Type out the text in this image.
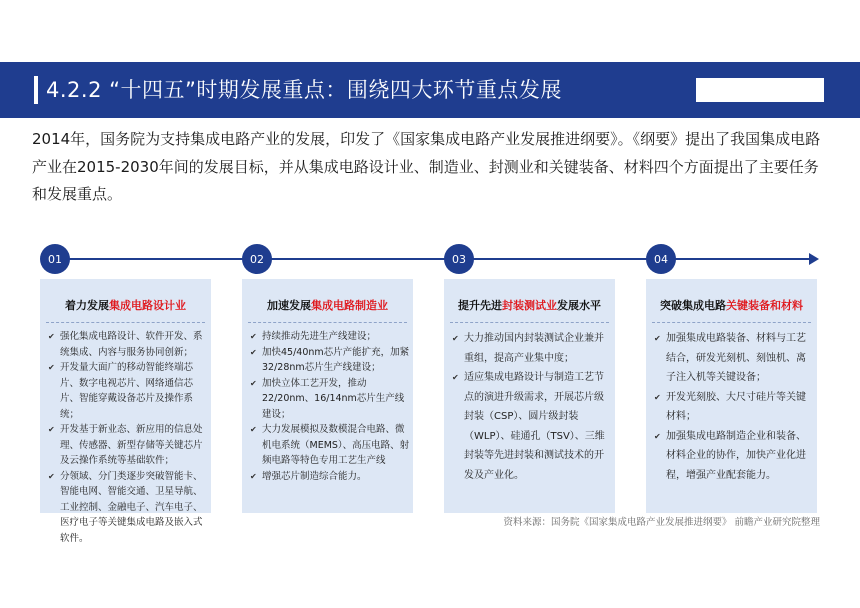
4.2.2 “十四五”时期发展重点：围绕四大环节重点发展
2014年，国务院为支持集成电路产业的发展，印发了《国家集成电路产业发展推进纲要》。《纲要》提出了我国集成电路产业在2015-2030年间的发展目标，并从集成电路设计业、制造业、封测业和关键装备、材料四个方面提出了主要任务和发展重点。
01	02	03	04
着力发展集成电路设计业
✔ 强化集成电路设计、软件开发、系统集成、内容与服务协同创新；
✔ 开发量大面广的移动智能终端芯片、数字电视芯片、网络通信芯片、智能穿戴设备芯片及操作系统；
✔ 开发基于新业态、新应用的信息处理、传感器、新型存储等关键芯片及云操作系统等基础软件；
✔ 分领域、分门类逐步突破智能卡、智能电网、智能交通、卫星导航、工业控制、金融电子、汽车电子、医疗电子等关键集成电路及嵌入式软件。
加速发展集成电路制造业
✔ 持续推动先进生产线建设；
✔ 加快45/40nm芯片产能扩充，加紧32/28nm芯片生产线建设；
✔ 加快立体工艺开发，推动22/20nm、16/14nm芯片生产线建设；
✔ 大力发展模拟及数模混合电路、微机电系统（MEMS）、高压电路、射频电路等特色专用工艺生产线
✔ 增强芯片制造综合能力。
提升先进封装测试业发展水平
✔ 大力推动国内封装测试企业兼并重组，提高产业集中度；
✔ 适应集成电路设计与制造工艺节点的演进升级需求，开展芯片级封装（CSP）、圆片级封装（WLP）、硅通孔（TSV）、三维封装等先进封装和测试技术的开发及产业化。
突破集成电路关键装备和材料
✔ 加强集成电路装备、材料与工艺结合，研发光刻机、刻蚀机、离子注入机等关键设备；
✔ 开发光刻胶、大尺寸硅片等关键材料；
✔ 加强集成电路制造企业和装备、材料企业的协作，加快产业化进程，增强产业配套能力。
资料来源：国务院《国家集成电路产业发展推进纲要》 前瞻产业研究院整理
